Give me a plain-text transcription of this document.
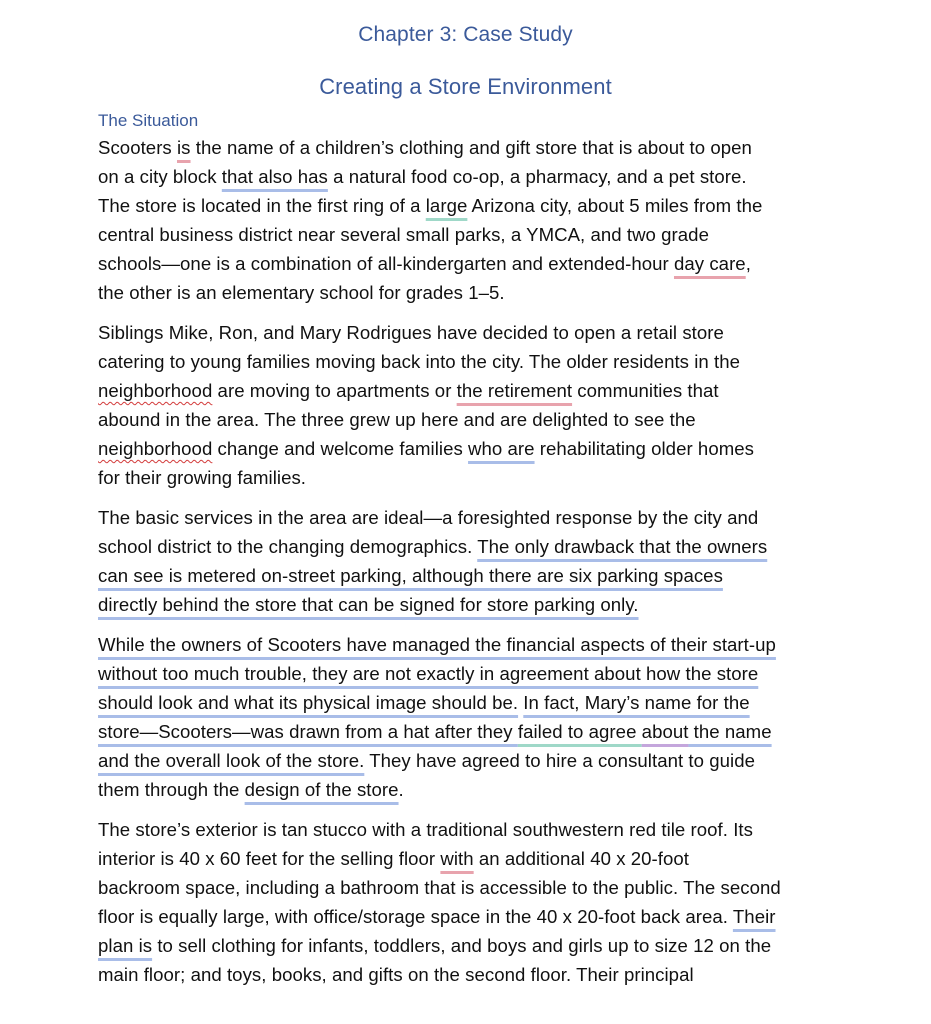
Chapter 3: Case Study
Creating a Store Environment
The Situation

Scooters is the name of a children’s clothing and gift store that is about to open
on a city block that also has a natural food co-op, a pharmacy, and a pet store.
The store is located in the first ring of a large Arizona city, about 5 miles from the
central business district near several small parks, a YMCA, and two grade
schools—one is a combination of all-kindergarten and extended-hour day care,
the other is an elementary school for grades 1–5.

Siblings Mike, Ron, and Mary Rodrigues have decided to open a retail store
catering to young families moving back into the city. The older residents in the
neighborhood are moving to apartments or the retirement communities that
abound in the area. The three grew up here and are delighted to see the
neighborhood change and welcome families who are rehabilitating older homes
for their growing families.

The basic services in the area are ideal—a foresighted response by the city and
school district to the changing demographics. The only drawback that the owners
can see is metered on-street parking, although there are six parking spaces
directly behind the store that can be signed for store parking only.

While the owners of Scooters have managed the financial aspects of their start-up
without too much trouble, they are not exactly in agreement about how the store
should look and what its physical image should be. In fact, Mary’s name for the
store—Scooters—was drawn from a hat after they failed to agree about the name
and the overall look of the store. They have agreed to hire a consultant to guide
them through the design of the store.

The store’s exterior is tan stucco with a traditional southwestern red tile roof. Its
interior is 40 x 60 feet for the selling floor with an additional 40 x 20-foot
backroom space, including a bathroom that is accessible to the public. The second
floor is equally large, with office/storage space in the 40 x 20-foot back area. Their
plan is to sell clothing for infants, toddlers, and boys and girls up to size 12 on the
main floor; and toys, books, and gifts on the second floor. Their principal
